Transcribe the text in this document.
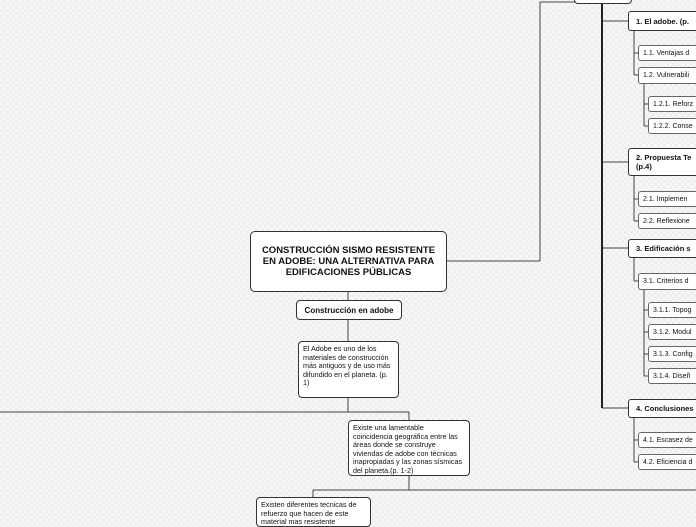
CONSTRUCCIÓN SISMO RESISTENTE EN ADOBE: UNA ALTERNATIVA PARA EDIFICACIONES PÚBLICAS
Construcción en adobe
El Adobe es uno de los materiales de construcción más antiguos y de uso más difundido en el planeta. (p. 1)
Existe una lamentable coincidencia geográfica entre las áreas donde se construye viviendas de adobe con técnicas inapropiadas y las zonas sísmicas del planeta.(p. 1-2)
Existen diferentes tecnicas de refuerzo que hacen de este material mas resistente
1. El adobe. (p.
1.1. Ventajas d
1.2. Vulnerabili
1.2.1. Reforz
1.2.2. Conse
2. Propuesta Te
(p.4)
2.1. Implemen
2.2. Reflexione
3. Edificación s
3.1. Criterios d
3.1.1. Topog
3.1.2. Modul
3.1.3. Config
3.1.4. Diseñ
4. Conclusiones
4.1. Escasez de
4.2. Eficiencia d
